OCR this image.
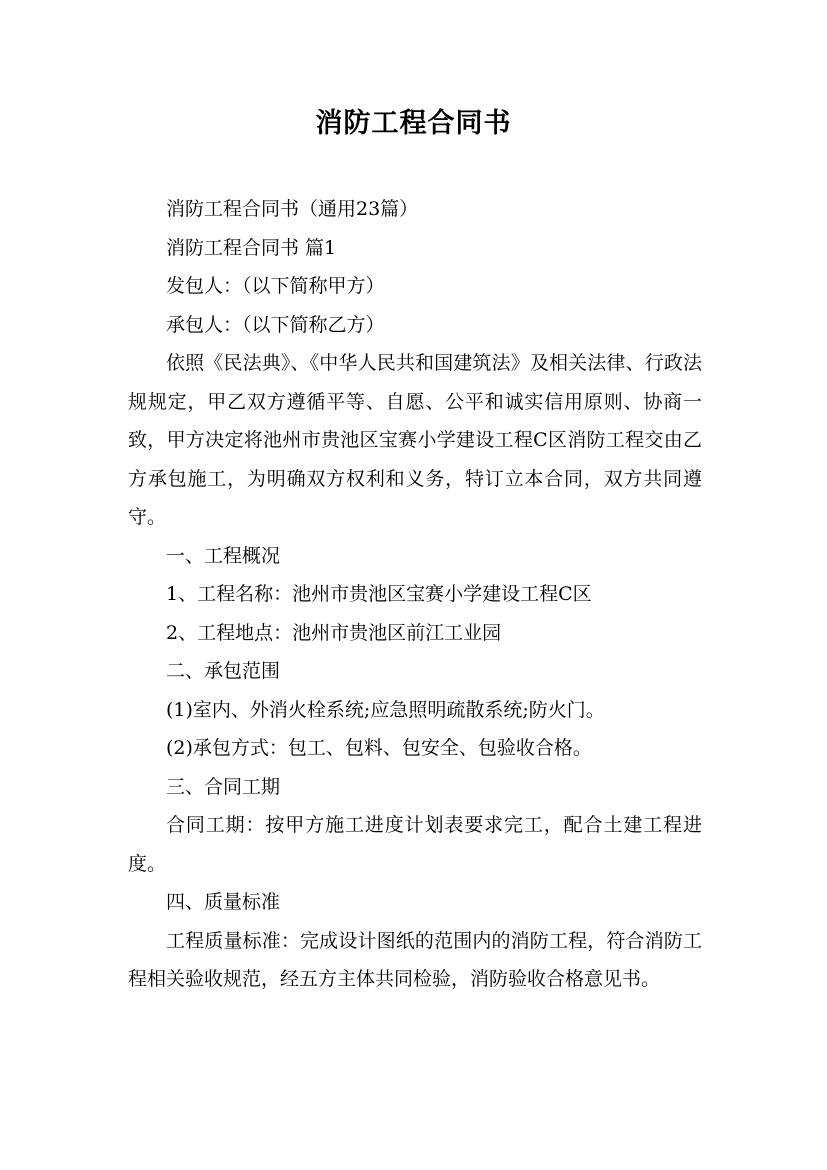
消防工程合同书

消防工程合同书（通用23篇）

消防工程合同书 篇1

发包人：（以下简称甲方）

承包人：（以下简称乙方）

依照《民法典》、《中华人民共和国建筑法》及相关法律、行政法规规定，甲乙双方遵循平等、自愿、公平和诚实信用原则、协商一致，甲方决定将池州市贵池区宝赛小学建设工程C区消防工程交由乙方承包施工，为明确双方权利和义务，特订立本合同，双方共同遵守。

一、工程概况

1、工程名称：池州市贵池区宝赛小学建设工程C区

2、工程地点：池州市贵池区前江工业园

二、承包范围

(1)室内、外消火栓系统;应急照明疏散系统;防火门。

(2)承包方式：包工、包料、包安全、包验收合格。

三、合同工期

合同工期：按甲方施工进度计划表要求完工，配合土建工程进度。

四、质量标准

工程质量标准：完成设计图纸的范围内的消防工程，符合消防工程相关验收规范，经五方主体共同检验，消防验收合格意见书。
